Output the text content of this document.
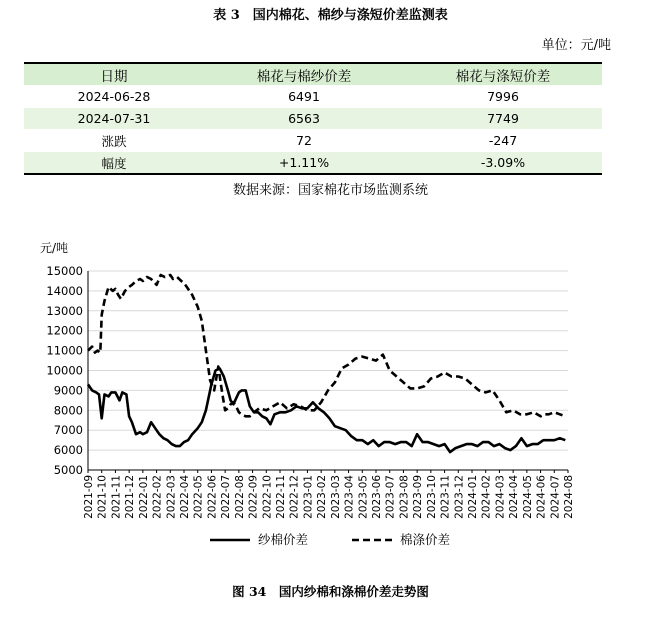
表 3　国内棉花、棉纱与涤短价差监测表
单位：元/吨
日期	棉花与棉纱价差	棉花与涤短价差
2024-06-28	6491	7996
2024-07-31	6563	7749
涨跌	72	-247
幅度	+1.11%	-3.09%
数据来源：国家棉花市场监测系统
5000
6000
7000
8000
9000
10000
11000
12000
13000
14000
15000
元/吨
2021-09 2021-10 2021-11 2021-12 2022-01 2022-02 2022-03 2022-04 2022-05 2022-06 2022-07 2022-08 2022-09 2022-10 2022-11 2022-12 2023-01 2023-02 2023-03 2023-04 2023-05 2023-06 2023-07 2023-08 2023-09 2023-10 2023-11 2023-12 2024-01 2024-02 2024-03 2024-04 2024-05 2024-06 2024-07 2024-08
纱棉价差	棉涤价差
图 34　国内纱棉和涤棉价差走势图
